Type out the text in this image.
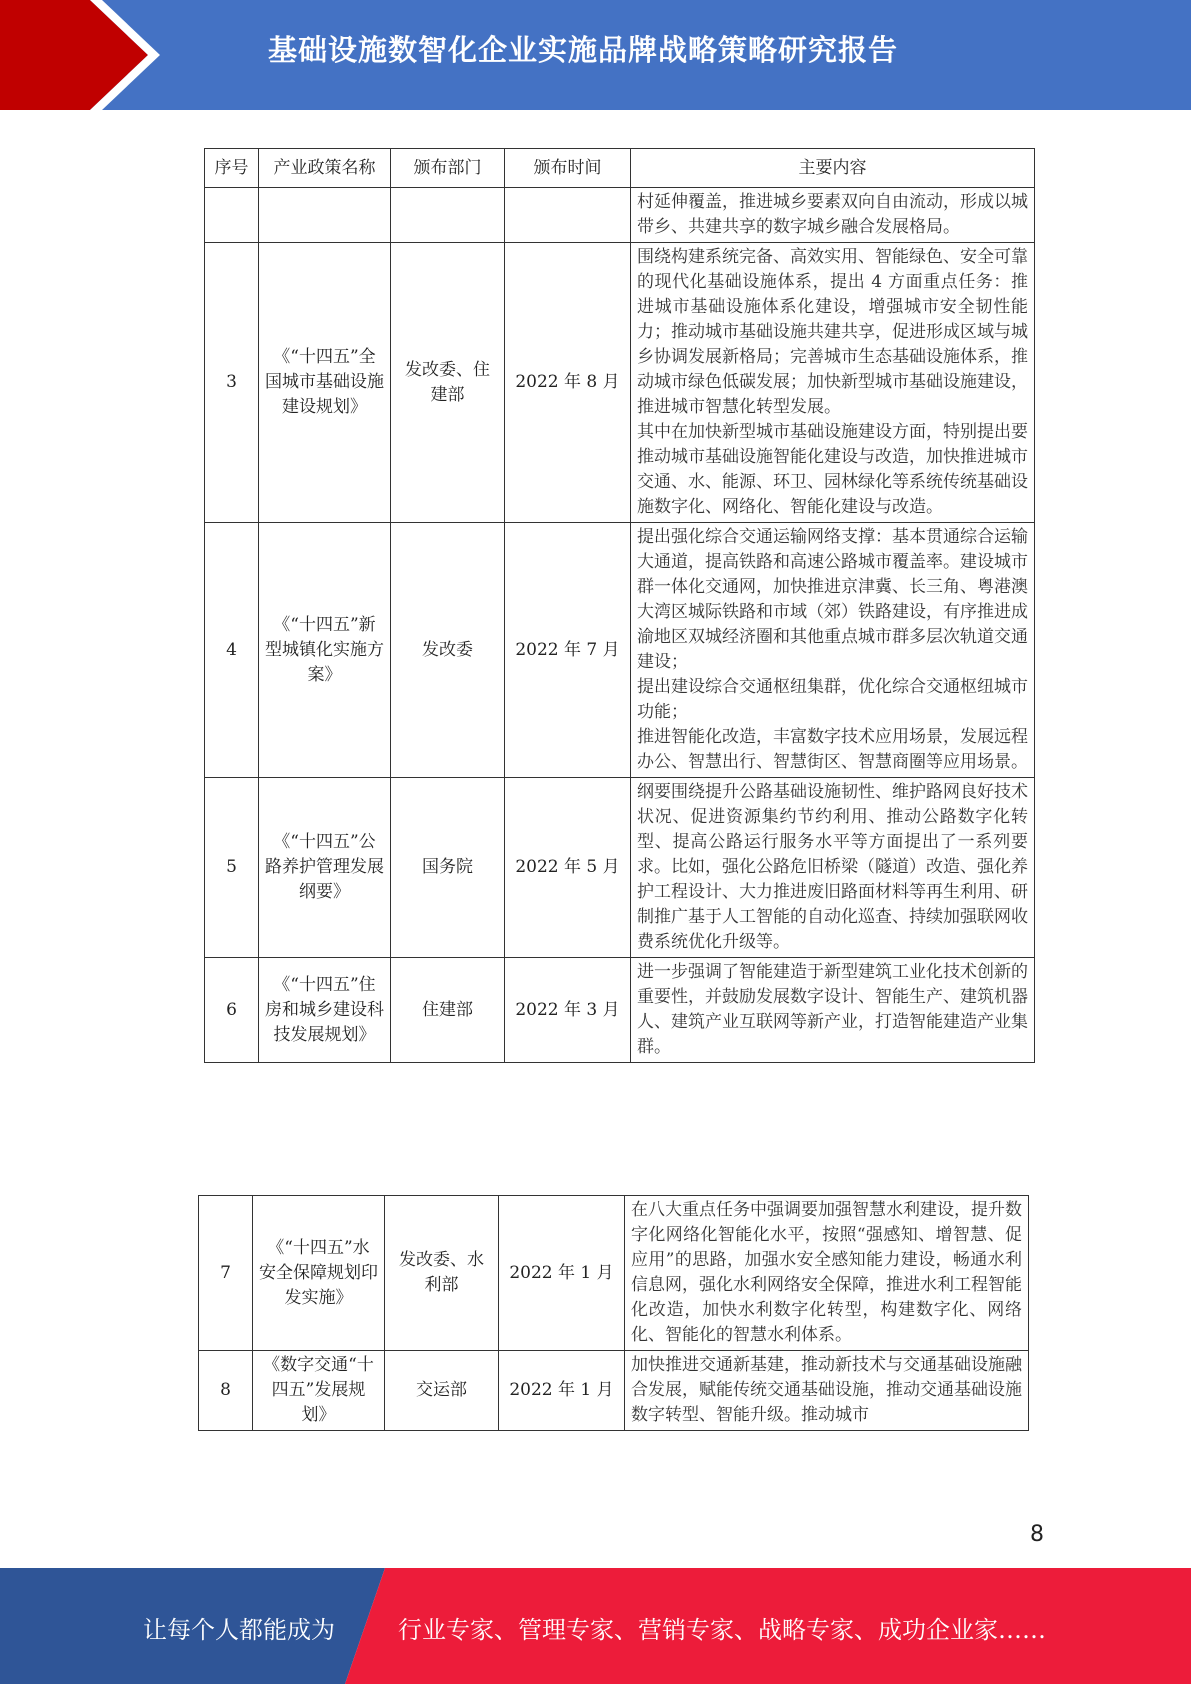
基础设施数智化企业实施品牌战略策略研究报告
序号	产业政策名称	颁布部门	颁布时间	主要内容

				村延伸覆盖，推进城乡要素双向自由流动，形成以城带乡、共建共享的数字城乡融合发展格局。

3	《“十四五”全国城市基础设施建设规划》	发改委、住建部	2022 年 8 月	围绕构建系统完备、高效实用、智能绿色、安全可靠的现代化基础设施体系，提出 4 方面重点任务：推进城市基础设施体系化建设，增强城市安全韧性能力；推动城市基础设施共建共享，促进形成区域与城乡协调发展新格局；完善城市生态基础设施体系，推动城市绿色低碳发展；加快新型城市基础设施建设，推进城市智慧化转型发展。

其中在加快新型城市基础设施建设方面，特别提出要推动城市基础设施智能化建设与改造，加快推进城市交通、水、能源、环卫、园林绿化等系统传统基础设施数字化、网络化、智能化建设与改造。

4	《“十四五”新型城镇化实施方案》	发改委	2022 年 7 月	提出强化综合交通运输网络支撑：基本贯通综合运输大通道，提高铁路和高速公路城市覆盖率。建设城市群一体化交通网，加快推进京津冀、长三角、粤港澳大湾区城际铁路和市域（郊）铁路建设，有序推进成渝地区双城经济圈和其他重点城市群多层次轨道交通建设；

提出建设综合交通枢纽集群，优化综合交通枢纽城市功能；

推进智能化改造，丰富数字技术应用场景，发展远程办公、智慧出行、智慧街区、智慧商圈等应用场景。

5	《“十四五”公路养护管理发展纲要》	国务院	2022 年 5 月	纲要围绕提升公路基础设施韧性、维护路网良好技术状况、促进资源集约节约利用、推动公路数字化转型、提高公路运行服务水平等方面提出了一系列要求。比如，强化公路危旧桥梁（隧道）改造、强化养护工程设计、大力推进废旧路面材料等再生利用、研制推广基于人工智能的自动化巡查、持续加强联网收费系统优化升级等。

6	《“十四五”住房和城乡建设科技发展规划》	住建部	2022 年 3 月	进一步强调了智能建造于新型建筑工业化技术创新的重要性，并鼓励发展数字设计、智能生产、建筑机器人、建筑产业互联网等新产业，打造智能建造产业集群。

7	《“十四五”水安全保障规划印发实施》	发改委、水利部	2022 年 1 月	在八大重点任务中强调要加强智慧水利建设，提升数字化网络化智能化水平，按照“强感知、增智慧、促应用”的思路，加强水安全感知能力建设，畅通水利信息网，强化水利网络安全保障，推进水利工程智能化改造，加快水利数字化转型，构建数字化、网络化、智能化的智慧水利体系。

8	《数字交通“十四五”发展规划》	交运部	2022 年 1 月	加快推进交通新基建，推动新技术与交通基础设施融合发展，赋能传统交通基础设施，推动交通基础设施数字转型、智能升级。推动城市

8
让每个人都能成为	行业专家、管理专家、营销专家、战略专家、成功企业家……
